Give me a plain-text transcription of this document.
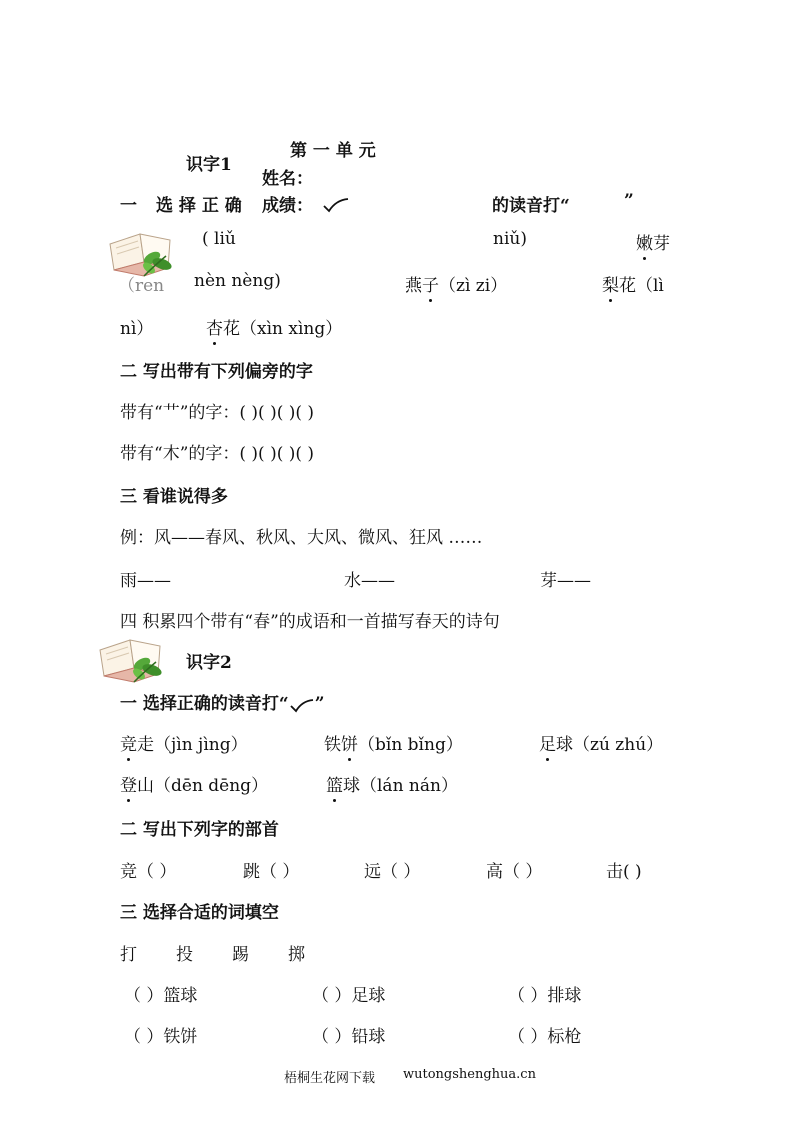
第 一 单 元
识字1
姓名：
一 选 择 正 确 成绩：	的读音打“	”
( liǔ	niǔ)	嫩芽
（ren nèn nèng)	燕子（zì zi）	梨花（lì
nì）	杏花（xìn xìng）
二 写出带有下列偏旁的字
带有“艹”的字：( )( )( )( )
带有“木”的字：( )( )( )( )
三 看谁说得多
例：风——春风、秋风、大风、微风、狂风 ……
雨——	水——	芽——
四 积累四个带有“春”的成语和一首描写春天的诗句
识字2
一 选择正确的读音打“ ”
竞走（jìn jìng）	铁饼（bǐn bǐng）	足球（zú zhú）
登山（dēn dēng）	篮球（lán nán）
二 写出下列字的部首
竞（ ）	跳（ ）	远（ ）	高（ ）	击( )
三 选择合适的词填空
打 投 踢 掷
（ ）篮球	（ ）足球	（ ）排球
（ ）铁饼	（ ）铅球	（ ）标枪
梧桐生花网下载 wutongshenghua.cn
